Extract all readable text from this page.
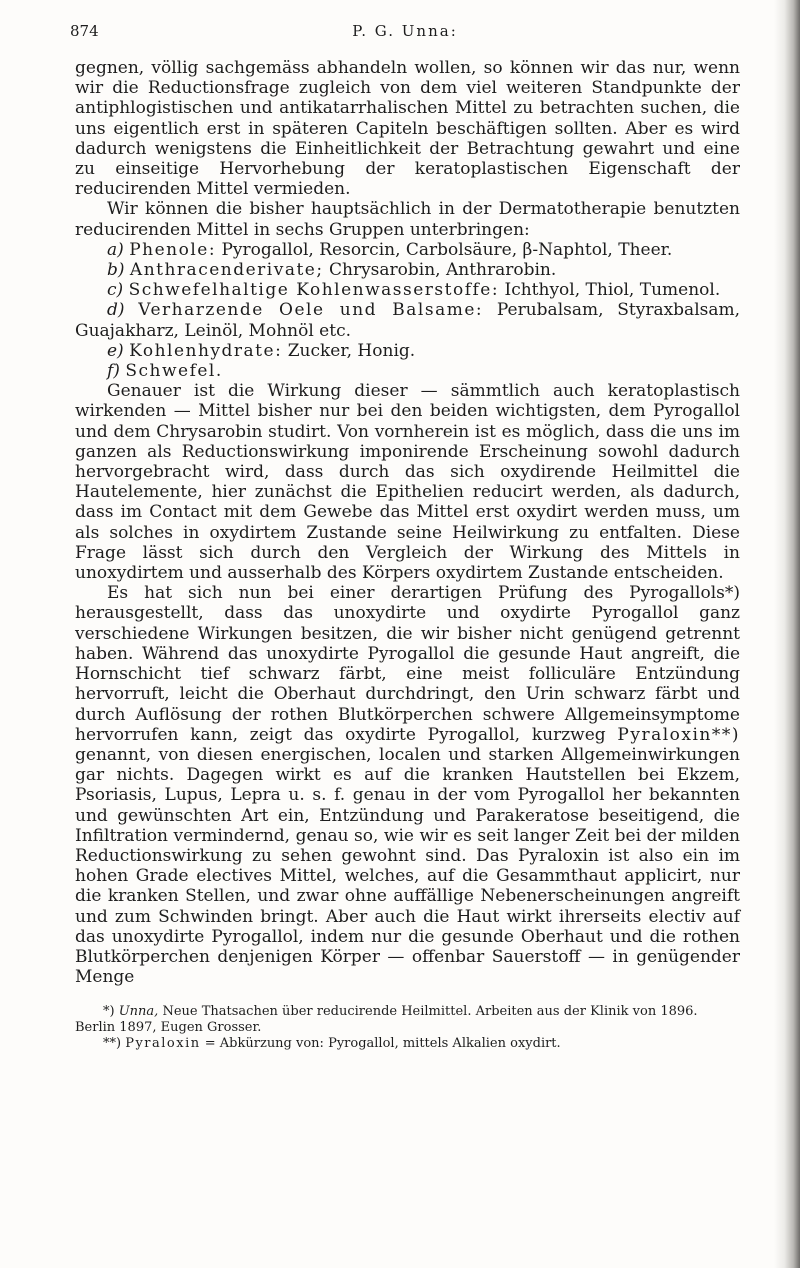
874	P. G. Unna:

gegnen, völlig sachgemäss abhandeln wollen, so können wir das nur, wenn wir die Reductionsfrage zugleich von dem viel weiteren Standpunkte der antiphlogistischen und antikatarrhalischen Mittel zu betrachten suchen, die uns eigentlich erst in späteren Capiteln beschäftigen sollten. Aber es wird dadurch wenigstens die Einheitlichkeit der Betrachtung gewahrt und eine zu einseitige Hervorhebung der keratoplastischen Eigenschaft der reducirenden Mittel vermieden.

Wir können die bisher hauptsächlich in der Dermatotherapie benutzten reducirenden Mittel in sechs Gruppen unterbringen:

a) Phenole: Pyrogallol, Resorcin, Carbolsäure, β-Naphtol, Theer.

b) Anthracenderivate; Chrysarobin, Anthrarobin.

c) Schwefelhaltige Kohlenwasserstoffe: Ichthyol, Thiol, Tumenol.

d) Verharzende Oele und Balsame: Perubalsam, Styraxbalsam, Guajakharz, Leinöl, Mohnöl etc.

e) Kohlenhydrate: Zucker, Honig.

f) Schwefel.

Genauer ist die Wirkung dieser — sämmtlich auch keratoplastisch wirkenden — Mittel bisher nur bei den beiden wichtigsten, dem Pyrogallol und dem Chrysarobin studirt. Von vornherein ist es möglich, dass die uns im ganzen als Reductionswirkung imponirende Erscheinung sowohl dadurch hervorgebracht wird, dass durch das sich oxydirende Heilmittel die Hautelemente, hier zunächst die Epithelien reducirt werden, als dadurch, dass im Contact mit dem Gewebe das Mittel erst oxydirt werden muss, um als solches in oxydirtem Zustande seine Heilwirkung zu entfalten. Diese Frage lässt sich durch den Vergleich der Wirkung des Mittels in unoxydirtem und ausserhalb des Körpers oxydirtem Zustande entscheiden.

Es hat sich nun bei einer derartigen Prüfung des Pyrogallols*) herausgestellt, dass das unoxydirte und oxydirte Pyrogallol ganz verschiedene Wirkungen besitzen, die wir bisher nicht genügend getrennt haben. Während das unoxydirte Pyrogallol die gesunde Haut angreift, die Hornschicht tief schwarz färbt, eine meist folliculäre Entzündung hervorruft, leicht die Oberhaut durchdringt, den Urin schwarz färbt und durch Auflösung der rothen Blutkörperchen schwere Allgemeinsymptome hervorrufen kann, zeigt das oxydirte Pyrogallol, kurzweg Pyraloxin**) genannt, von diesen energischen, localen und starken Allgemeinwirkungen gar nichts. Dagegen wirkt es auf die kranken Hautstellen bei Ekzem, Psoriasis, Lupus, Lepra u. s. f. genau in der vom Pyrogallol her bekannten und gewünschten Art ein, Entzündung und Parakeratose beseitigend, die Infiltration vermindernd, genau so, wie wir es seit langer Zeit bei der milden Reductionswirkung zu sehen gewohnt sind. Das Pyraloxin ist also ein im hohen Grade electives Mittel, welches, auf die Gesammthaut applicirt, nur die kranken Stellen, und zwar ohne auffällige Nebenerscheinungen angreift und zum Schwinden bringt. Aber auch die Haut wirkt ihrerseits electiv auf das unoxydirte Pyrogallol, indem nur die gesunde Oberhaut und die rothen Blutkörperchen denjenigen Körper — offenbar Sauerstoff — in genügender Menge

*) Unna, Neue Thatsachen über reducirende Heilmittel. Arbeiten aus der Klinik von 1896. Berlin 1897, Eugen Grosser.

**) Pyraloxin = Abkürzung von: Pyrogallol, mittels Alkalien oxydirt.
